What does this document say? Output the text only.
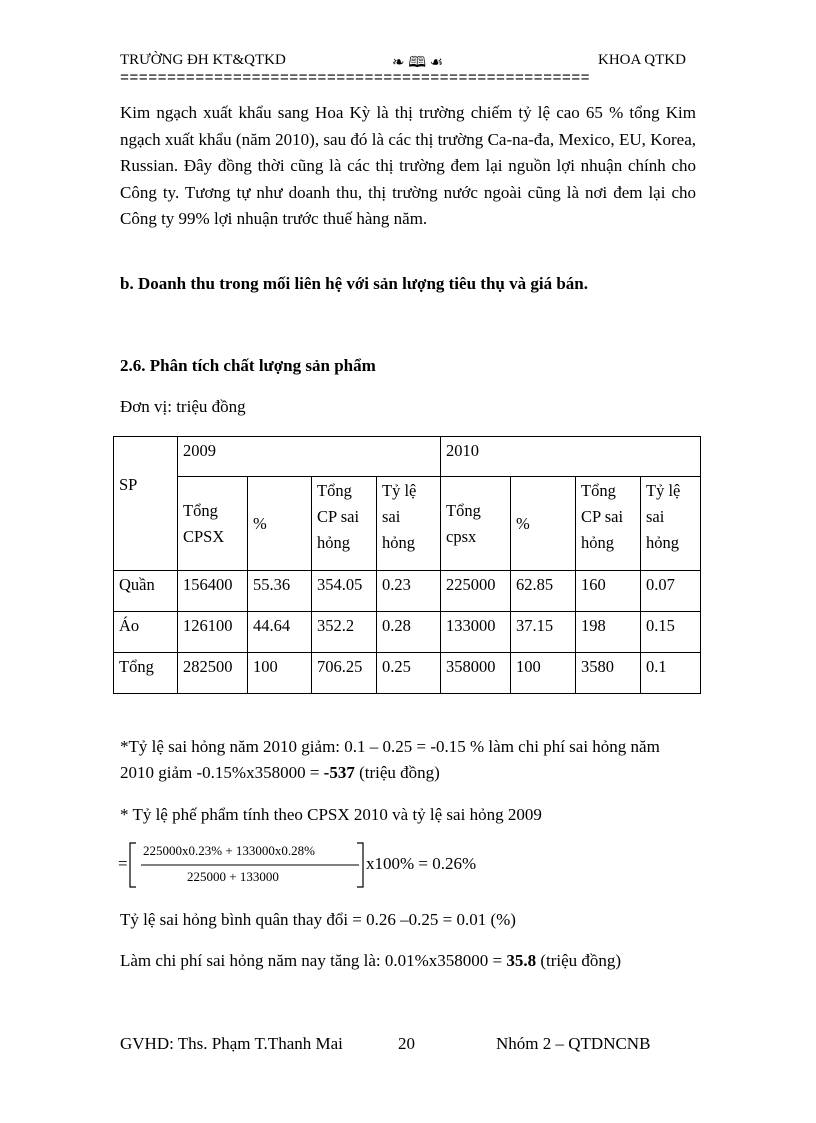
TRƯỜNG ĐH KT&QTKD	❧ 🕮 ☙	KHOA QTKD
==================================================
Kim ngạch xuất khẩu sang Hoa Kỳ là thị trường chiếm tỷ lệ cao 65 % tổng Kim ngạch xuất khẩu (năm 2010), sau đó là các thị trường Ca-na-đa, Mexico, EU, Korea, Russian. Đây đồng thời cũng là các thị trường đem lại nguồn lợi nhuận chính cho Công ty. Tương tự như doanh thu, thị trường nước ngoài cũng là nơi đem lại cho Công ty 99% lợi nhuận trước thuế hàng năm.
b. Doanh thu trong mối liên hệ với sản lượng tiêu thụ và giá bán.
2.6. Phân tích chất lượng sản phẩm
Đơn vị: triệu đồng
SP	2009				2010			
	Tổng CPSX	%	Tổng CP sai hỏng	Tỷ lệ sai hỏng	Tổng cpsx	%	Tổng CP sai hỏng	Tỷ lệ sai hỏng
Quần	156400	55.36	354.05	0.23	225000	62.85	160	0.07
Áo	126100	44.64	352.2	0.28	133000	37.15	198	0.15
Tổng	282500	100	706.25	0.25	358000	100	3580	0.1
*Tỷ lệ sai hỏng năm 2010 giảm: 0.1 – 0.25 = -0.15 % làm chi phí sai hỏng năm
2010 giảm -0.15%x358000 = -537 (triệu đồng)
* Tỷ lệ phế phẩm tính theo CPSX 2010 và tỷ lệ sai hỏng 2009
=
225000x0.23% + 133000x0.28%
225000 + 133000
x100% = 0.26%
Tỷ lệ sai hỏng bình quân thay đổi = 0.26 –0.25 = 0.01 (%)
Làm chi phí sai hỏng năm nay tăng là: 0.01%x358000 = 35.8 (triệu đồng)
GVHD: Ths. Phạm T.Thanh Mai	20	Nhóm 2 – QTDNCNB
